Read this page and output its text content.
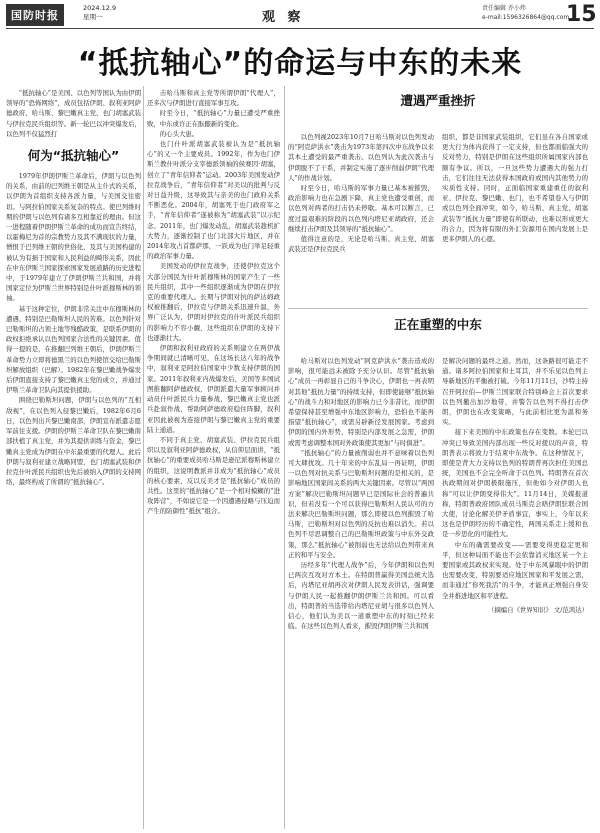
国防时报
2024.12.9
星期一	观 察
责任编辑 乔小炜
e-mail:1596326864@qq.com
15
“抵抗轴心”的命运与中东的未来

“抵抗轴心”是美国、以色列等国认为由伊朗领导的“恐怖网络”，成员包括伊朗、叙利亚阿萨德政府、哈马斯、黎巴嫩真主党、也门胡塞武装与伊拉克民兵组织等。新一轮巴以冲突爆发后，以色列不仅猛烈打

何为“抵抗轴心”

1979年伊朗伊斯兰革命后，伊朗与以色列的关系，由前的巴列维王朝是从主仆式的关系，以伊朗为首组织支持各派力量，与美国交往密切。与阿拉伯国家关系复杂的特点。使巴列维时期的伊朗与以色列有诸多互相靠近的理由。但这一进程随着伊朗伊斯兰革命的成功而宣告终结，以霍梅尼为首的宗教势力及其不满现状的力量，憎恨于巴列维王朝的世俗化，及其与美国构建的被认为有损于国家和人民利益的畸形关系，因此在中东伊斯兰国家探索国家发展道路的历史进程中，于1979年建立了伊朗伊斯兰共和国，并将国家定位为伊斯兰世界特别是什叶派穆斯林的领袖。

基于这种定位，伊朗非常关注中东穆斯林的遭遇，特别是巴勒斯坦人民的苦难。以色列针对巴勒斯坦的占领土地等残酷政策，是联系伊朗的政权拒绝承认以色列国家合法性的关键因素。值得一提的是，在推翻巴列维王朝后，伊朗伊斯兰革命势力立即将德黑兰的以色列使馆交给巴勒斯坦解放组织（巴解）。1982年在黎巴嫩战争爆发后伊朗直接支持了黎巴嫩真主党的成立，并通过伊斯兰革命卫队向其提供援助。

围绕巴勒斯坦问题，伊朗与以色列的“互相敌视”，在以色列入侵黎巴嫩后，1982年6月6日，以色列出兵黎巴嫩南部，伊朗宣布派遣志愿军前往支援。伊朗的伊斯兰革命卫队在黎巴嫩南部扶植了真主党，并为其提供训练与资金，黎巴嫩真主党成为伊朗在中东最重要的代理人。此后伊朗与叙利亚建立战略同盟，也门胡塞武装和伊拉克什叶派民兵组织也先后被纳入伊朗的支持网络，最终构成了所谓的“抵抗轴心”。

击哈马斯和真主党等所谓伊朗“代理人”，还多次与伊朗进行直接军事互攻。

时至今日，“抵抗轴心”力量已遭受严重挫败，中东或许正在酝酿新的变化。

的心头大患。

也门什叶派胡塞武装被认为是“抵抗轴心”的又一个主要成员。1992年，作为也门伊斯兰教什叶派分支宰德派领袖的侯赛因·胡塞，创立了“青年信仰者”运动。2003年美国发动伊拉克战争后，“青年信仰者”对美以的批判与反对日益升级，这导致其与亲美的也门政府关系不断恶化。2004年，胡塞死于也门政府军之手，“青年信仰者”遂被称为“胡塞武装”以示纪念。2011年，也门爆发动乱，胡塞武装趁机扩大势力，逐渐控制了也门北部大片地区，并在2014年攻占首都萨那，一跃成为也门举足轻重的政治军事力量。

美国发动的伊拉克战争，还使伊拉克这个大部分国民为什叶派穆斯林的国家产生了一些民兵组织，其中一些组织逐渐成为伊朗在伊拉克的重要代理人。长期与伊朗对抗的萨达姆政权被推翻后，伊拉克与伊朗关系迅速升温，外界广泛认为，伊朗对伊拉克的什叶派民兵组织的影响力不容小觑，这些组织在伊朗的支持下也逐渐壮大。

伊朗和叙利亚政府的关系则建立在两伊战争期间就已清晰可见，在这场长达八年的战争中，叙利亚是阿拉伯国家中少数支持伊朗的国家。2011年叙利亚内战爆发后，美国等多国试图推翻阿萨德政权，伊朗派遣大量军事顾问并动员什叶派民兵力量参战，黎巴嫩真主党也派兵赴叙作战，帮助阿萨德政府稳住阵脚，叙利亚因此被视为连接伊朗与黎巴嫩真主党的重要陆上通道。

不同于真主党、胡塞武装、伊拉克民兵组织以及叙利亚阿萨德政权，从信仰层面讲，“抵抗轴心”的重要成员哈马斯是逊尼派穆斯林建立的组织，这说明教派并非成为“抵抗轴心”成员的核心要素，反以反美才是“抵抗轴心”成员的共性。这里的“抵抗轴心”是一个相对模糊的“进攻阵营”，不如说它是一个因遭遇侵略与压迫而产生的防御性“抵抗”组合。

遭遇严重挫折

以色列视2023年10月7日哈马斯对以色列发动的“阿克萨洪水”袭击为1973年第四次中东战争以来其本土遭受的最严重袭击。以色列认为此次袭击与伊朗脱不了干系，并制定实施了逐步削弱伊朗“代理人”的作战计划。

时至今日，哈马斯的军事力量已基本被摧毁，政治影响力也在急剧下降，真主党也遭受重创，而以色列对两者的打击仍未停歇。基本可以断言，已度过最艰难的阶段的以色列内塔尼亚胡政府，还会继续打击伊朗及其领导的“抵抗轴心”。

值得注意的是，无论是哈马斯、真主党、胡塞武装还是伊拉克民兵

组织，都是非国家武装组织，它们虽在各自国家或更大行为体内获得了一定支持，但也都面临强大的反对势力，特别是伊朗在这些组织所属国家内部也颇有争议。所以，一旦这些势力遭遇大的强力打击，它们往往无法获得本国政府或国内其他势力的实质性支持。同时，正面临国家重建重任的叙利亚、伊拉克、黎巴嫩、也门，也不希望卷入与伊朗或以色列全面冲突，如今，哈马斯、真主党、胡塞武装等“抵抗力量”即使有所联动，也难以形成更大的合力，因为将有限的外汇资源用在国内发展上是更多伊朗人的心愿。

正在重塑的中东

哈马斯对以色列发动“阿克萨洪水”袭击造成的影响，很可能远未被除予充分认识。尽管“抵抗轴心”成员一再彰显自己的斗争决心，伊朗也一再表明对其他“抵抗力量”的持续支持，但即使能够“抵抗轴心”的战斗力和对地区的影响力已今非昔比，而伊朗希望保持甚至增强中东地区影响力，恐怕也不能再指望“抵抗轴心”，或需另辟新径发展国家。考虑到伊朗的国内外形势，特别是内部发展之急需，伊朗或需考虑调整本国对外政策使其更加“与时俱进”。

“抵抗轴心”的力量被削弱也并不意味着以色列可大肆扰攻。几十年来的中东乱局一再证明，伊朗一以色列对抗关系与巴勒斯坦问题的是相关的，是影响地区国家间关系的两大关键因素。尽管以“两国方案”解决巴勒斯坦问题早已是国际社会的普遍共识，但若没有一个可以获得巴勒斯坦人民认可的方法来解决巴勒斯坦问题，那么即使以色列摧毁了哈马斯，巴勒斯坦对以色列的反抗也难以消失。若以色列不尽思调整自己的巴勒斯坦政策与中东外交政策，那么“抵抗轴心”被削弱也无法给以色列带来真正的和平与安全。

历经多年“代理人战争”后，今年伊朗和以色列已两次互攻对方本土。在特朗普赢得美国总统大选后，内塔尼亚胡再次对伊朗人民发表讲话，强调要与伊朗人民一起推翻伊朗伊斯兰共和国。可以看出，特朗普的当选带给内塔尼亚胡与很多以色列人信心，他们认为美以一道重塑中东的时刻已经来临。在这些以色列人看来，摧毁伊朗伊斯兰共和国

是解决问题的最终之道。然而，这条路很可能走不通。诸多阿拉伯国家和土耳其，并不乐见以色列主导新地区的平衡被打破。今年11月11日，沙特主持召开阿拉伯—伊斯兰国家联合特别峰会上首次要求以色列撤出加沙地带，并警告以色列不得打击伊朗，伊朗也在改变策略，与此前相比更为温和务实。

接下来美国的中东政策也存在变数。本轮巴以冲突已导致美国内部出现一些反对援以的声音，特朗普表示将致力于结束中东战争。在这种情况下，即使是背大力支持以色列的特朗普再次担任美国总统，美国也不会完全听命于以色列。特朗普在首次执政期间对伊朗极限施压，但他如今对伊朗人也称“可以让伊朗变得伟大”。11月14日，美媒报道称，特朗普政府团队成员马斯克会晤伊朗驻联合国大使，讨论化解美伊矛盾事宜，事实上，今年以来这也是伊朗经历的不确定性，两国关系走上缓和也是一步思化的可能性大。

中东的确需要改变——需要变得更稳定更和平，但这种局面不能也不会依靠消灭地区某一个主要国家或其政权来实现。处于中东风暴眼中的伊朗也需要改变，特别要适应地区国家和平发展之需，而非通过“你死我活”的斗争，才能真正增强自身安全并推进地区和平进程。

（摘编自《世界知识》 文/范鸿达）
